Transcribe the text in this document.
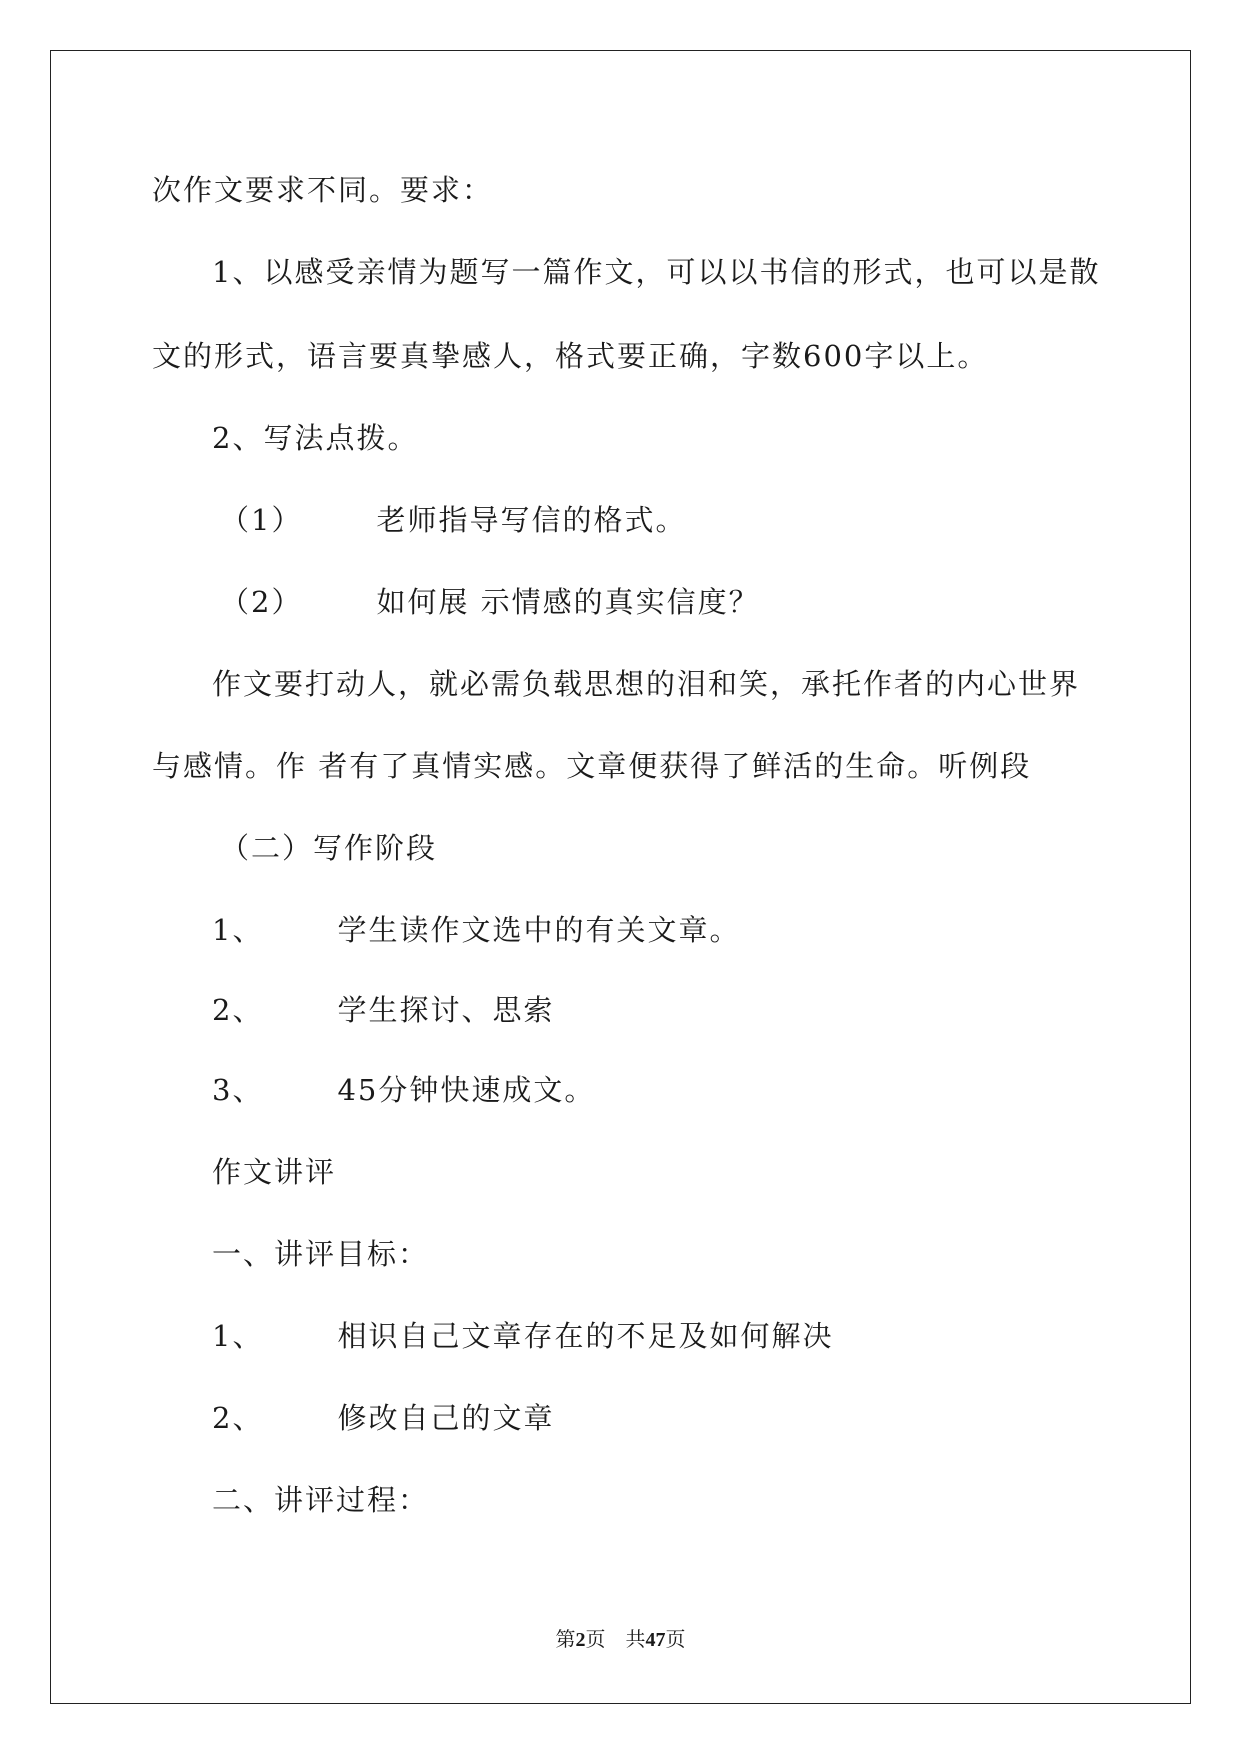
次作文要求不同。要求：
1、以感受亲情为题写一篇作文，可以以书信的形式，也可以是散
文的形式，语言要真挚感人，格式要正确，字数600字以上。
2、写法点拨。
（1）	老师指导写信的格式。
（2）	如何展 示情感的真实信度？
作文要打动人，就必需负载思想的泪和笑，承托作者的内心世界
与感情。作 者有了真情实感。文章便获得了鲜活的生命。听例段
（二）写作阶段
1、	学生读作文选中的有关文章。
2、	学生探讨、思索
3、	45分钟快速成文。
作文讲评
一、讲评目标：
1、	相识自己文章存在的不足及如何解决
2、	修改自己的文章
二、讲评过程：
第2页　共47页
